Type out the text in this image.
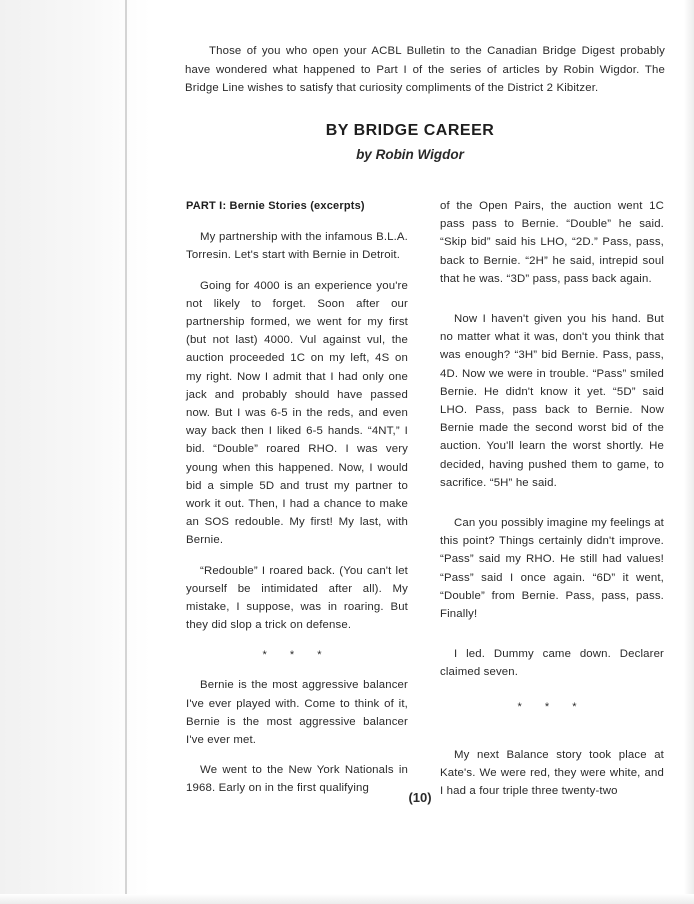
Those of you who open your ACBL Bulletin to the Canadian Bridge Digest probably have wondered what happened to Part I of the series of articles by Robin Wigdor. The Bridge Line wishes to satisfy that curiosity compliments of the District 2 Kibitzer.

BY BRIDGE CAREER
by Robin Wigdor
PART I: Bernie Stories (excerpts)

My partnership with the infamous B.L.A. Torresin. Let's start with Bernie in Detroit.

Going for 4000 is an experience you're not likely to forget. Soon after our partnership formed, we went for my first (but not last) 4000. Vul against vul, the auction proceeded 1C on my left, 4S on my right. Now I admit that I had only one jack and probably should have passed now. But I was 6-5 in the reds, and even way back then I liked 6-5 hands. “4NT,” I bid. “Double” roared RHO. I was very young when this happened. Now, I would bid a simple 5D and trust my partner to work it out. Then, I had a chance to make an SOS redouble. My first! My last, with Bernie.

“Redouble” I roared back. (You can't let yourself be intimidated after all). My mistake, I suppose, was in roaring. But they did slop a trick on defense.

* * *

Bernie is the most aggressive balancer I've ever played with. Come to think of it, Bernie is the most aggressive balancer I've ever met.

We went to the New York Nationals in 1968. Early on in the first qualifying

of the Open Pairs, the auction went 1C pass pass to Bernie. “Double” he said. “Skip bid” said his LHO, “2D.” Pass, pass, back to Bernie. “2H” he said, intrepid soul that he was. “3D” pass, pass back again.

Now I haven't given you his hand. But no matter what it was, don't you think that was enough? “3H” bid Bernie. Pass, pass, 4D. Now we were in trouble. “Pass” smiled Bernie. He didn't know it yet. “5D” said LHO. Pass, pass back to Bernie. Now Bernie made the second worst bid of the auction. You'll learn the worst shortly. He decided, having pushed them to game, to sacrifice. “5H” he said.

Can you possibly imagine my feelings at this point? Things certainly didn't improve. “Pass” said my RHO. He still had values! “Pass” said I once again. “6D” it went, “Double” from Bernie. Pass, pass, pass. Finally!

I led. Dummy came down. Declarer claimed seven.

* * *

My next Balance story took place at Kate's. We were red, they were white, and I had a four triple three twenty-two

(10)
